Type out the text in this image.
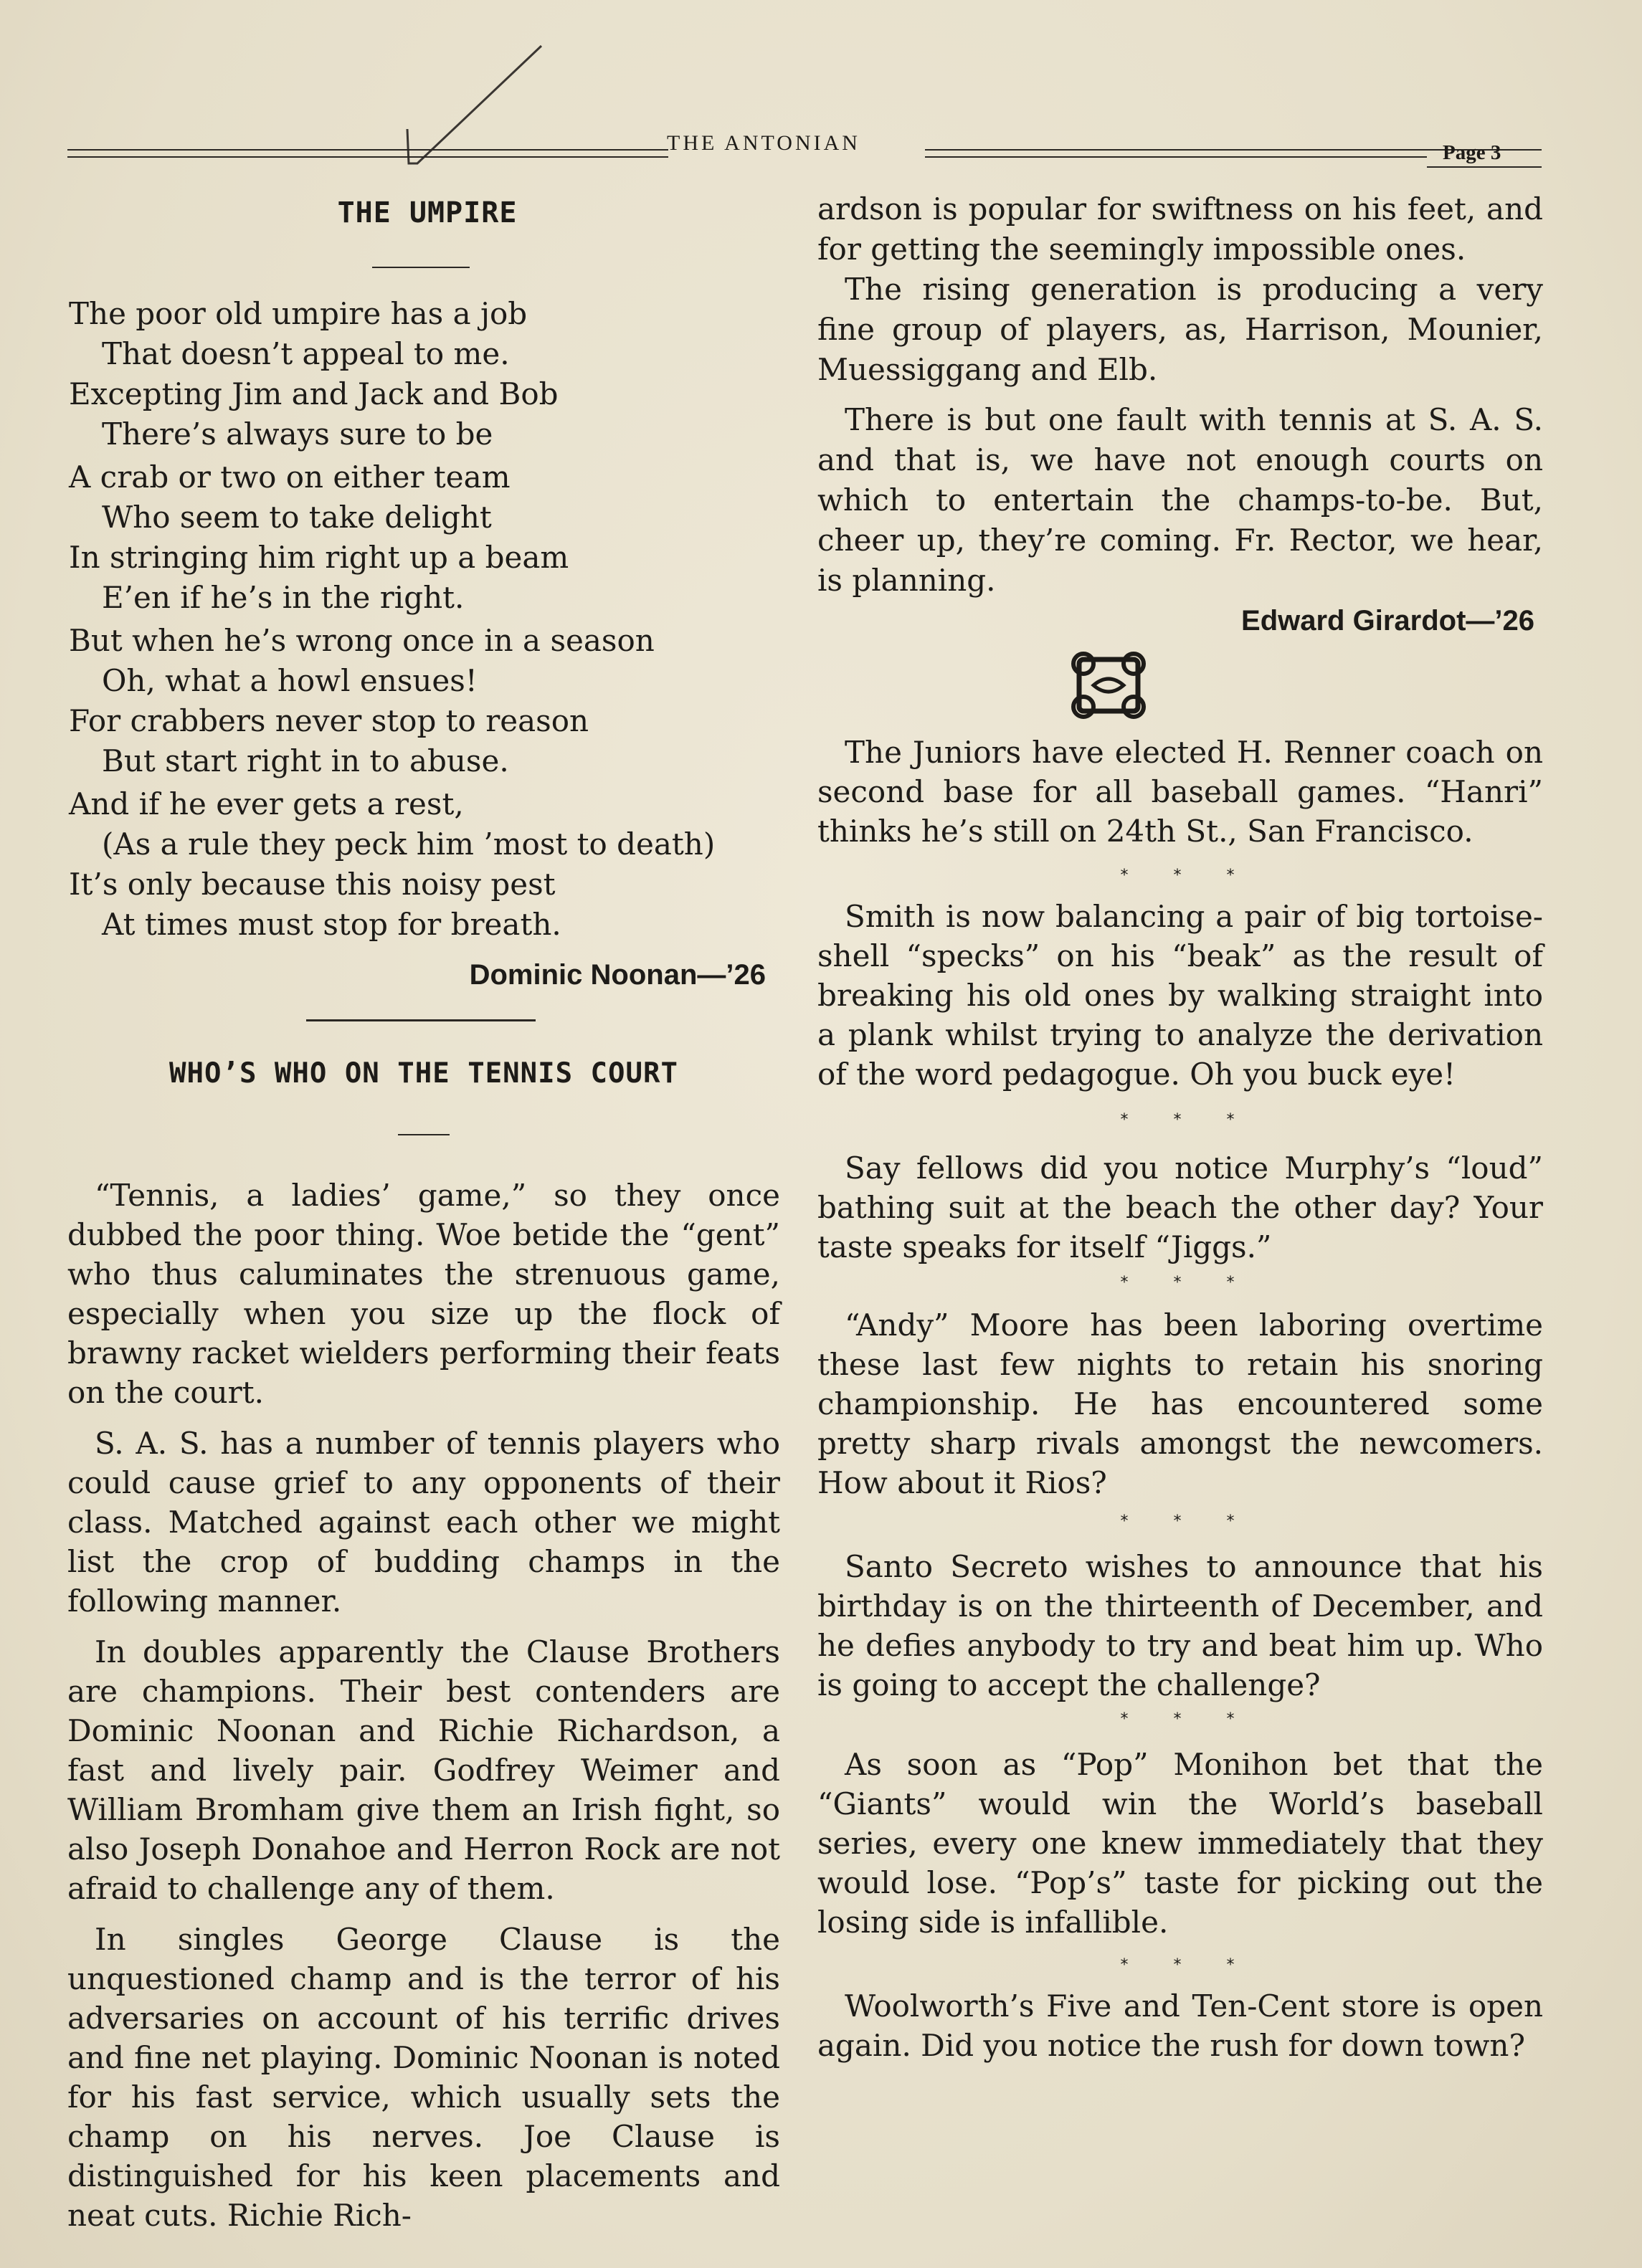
THE ANTONIAN	Page 3
THE UMPIRE
The poor old umpire has a job
That doesn’t appeal to me.
Excepting Jim and Jack and Bob
There’s always sure to be
A crab or two on either team
Who seem to take delight
In stringing him right up a beam
E’en if he’s in the right.
But when he’s wrong once in a season
Oh, what a howl ensues!
For crabbers never stop to reason
But start right in to abuse.
And if he ever gets a rest,
(As a rule they peck him ’most to death)
It’s only because this noisy pest
At times must stop for breath.
Dominic Noonan—’26
WHO’S WHO ON THE TENNIS COURT

“Tennis, a ladies’ game,” so they once dubbed the poor thing. Woe betide the “gent” who thus caluminates the strenuous game, especially when you size up the flock of brawny racket wielders performing their feats on the court.

S. A. S. has a number of tennis players who could cause grief to any opponents of their class. Matched against each other we might list the crop of budding champs in the following manner.

In doubles apparently the Clause Brothers are champions. Their best contenders are Dominic Noonan and Richie Richardson, a fast and lively pair. Godfrey Weimer and William Bromham give them an Irish fight, so also Joseph Donahoe and Herron Rock are not afraid to challenge any of them.

In singles George Clause is the unquestioned champ and is the terror of his adversaries on account of his terrific drives and fine net playing. Dominic Noonan is noted for his fast service, which usually sets the champ on his nerves. Joe Clause is distinguished for his keen placements and neat cuts. Richie Rich-

ardson is popular for swiftness on his feet, and for getting the seemingly impossible ones.

The rising generation is producing a very fine group of players, as, Harrison, Mounier, Muessiggang and Elb.

There is but one fault with tennis at S. A. S. and that is, we have not enough courts on which to entertain the champs-to-be. But, cheer up, they’re coming. Fr. Rector, we hear, is planning.

Edward Girardot—’26

The Juniors have elected H. Renner coach on second base for all baseball games. “Hanri” thinks he’s still on 24th St., San Francisco.

* * *

Smith is now balancing a pair of big tortoise-shell “specks” on his “beak” as the result of breaking his old ones by walking straight into a plank whilst trying to analyze the derivation of the word pedagogue. Oh you buck eye!

* * *

Say fellows did you notice Murphy’s “loud” bathing suit at the beach the other day? Your taste speaks for itself “Jiggs.”

* * *

“Andy” Moore has been laboring overtime these last few nights to retain his snoring championship. He has encountered some pretty sharp rivals amongst the newcomers. How about it Rios?

* * *

Santo Secreto wishes to announce that his birthday is on the thirteenth of December, and he defies anybody to try and beat him up. Who is going to accept the challenge?

* * *

As soon as “Pop” Monihon bet that the “Giants” would win the World’s baseball series, every one knew immediately that they would lose. “Pop’s” taste for picking out the losing side is infallible.

* * *

Woolworth’s Five and Ten-Cent store is open again. Did you notice the rush for down town?
